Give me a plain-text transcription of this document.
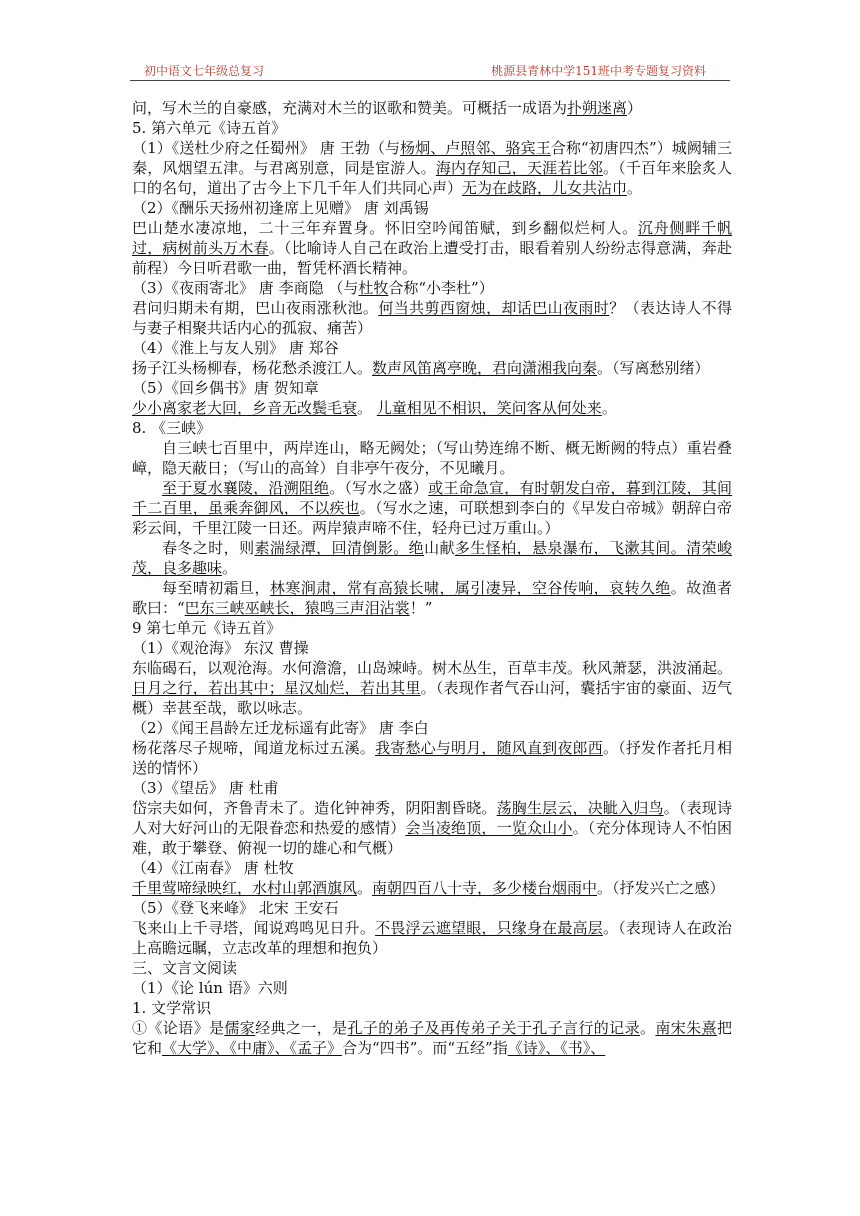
初中语文七年级总复习	桃源县青林中学151班中考专题复习资料

问，写木兰的自豪感，充满对木兰的讴歌和赞美。可概括一成语为扑朔迷离）

5. 第六单元《诗五首》

（1）《送杜少府之任蜀州》 唐 王勃（与杨炯、卢照邻、骆宾王合称“初唐四杰”）城阙辅三秦，风烟望五津。与君离别意，同是宦游人。海内存知己，天涯若比邻。（千百年来脍炙人口的名句，道出了古今上下几千年人们共同心声）无为在歧路，儿女共沾巾。

（2）《酬乐天扬州初逢席上见赠》 唐 刘禹锡

巴山楚水凄凉地，二十三年弃置身。怀旧空吟闻笛赋，到乡翻似烂柯人。沉舟侧畔千帆过，病树前头万木春。（比喻诗人自己在政治上遭受打击，眼看着别人纷纷志得意满，奔赴前程）今日听君歌一曲，暂凭杯酒长精神。

（3）《夜雨寄北》 唐 李商隐 （与杜牧合称“小李杜”）

君问归期未有期，巴山夜雨涨秋池。何当共剪西窗烛，却话巴山夜雨时？（表达诗人不得与妻子相聚共话内心的孤寂、痛苦）

（4）《淮上与友人别》 唐 郑谷

扬子江头杨柳春，杨花愁杀渡江人。数声风笛离亭晚，君向潇湘我向秦。（写离愁别绪）

（5）《回乡偶书》唐 贺知章

少小离家老大回，乡音无改鬓毛衰。 儿童相见不相识，笑问客从何处来。

8. 《三峡》

自三峡七百里中，两岸连山，略无阙处；（写山势连绵不断、概无断阙的特点）重岩叠嶂，隐天蔽日；（写山的高耸）自非亭午夜分，不见曦月。

至于夏水襄陵，沿溯阻绝。（写水之盛）或王命急宣，有时朝发白帝，暮到江陵，其间千二百里，虽乘奔御风，不以疾也。（写水之速，可联想到李白的《早发白帝城》朝辞白帝彩云间，千里江陵一日还。两岸猿声啼不住，轻舟已过万重山。）

春冬之时，则素湍绿潭，回清倒影。绝山献多生怪柏，悬泉瀑布，飞漱其间。清荣峻茂，良多趣味。

每至晴初霜旦，林寒涧肃，常有高猿长啸，属引凄异，空谷传响，哀转久绝。故渔者歌曰：“巴东三峡巫峡长，猿鸣三声泪沾裳！”

9 第七单元《诗五首》

（1）《观沧海》 东汉 曹操

东临碣石，以观沧海。水何澹澹，山岛竦峙。树木丛生，百草丰茂。秋风萧瑟，洪波涌起。

日月之行，若出其中；星汉灿烂，若出其里。（表现作者气吞山河，囊括宇宙的豪面、迈气概）幸甚至哉，歌以咏志。

（2）《闻王昌龄左迁龙标遥有此寄》 唐 李白

杨花落尽子规啼，闻道龙标过五溪。我寄愁心与明月，随风直到夜郎西。（抒发作者托月相送的情怀）

（3）《望岳》 唐 杜甫

岱宗夫如何，齐鲁青未了。造化钟神秀，阴阳割昏晓。荡胸生层云，决眦入归鸟。（表现诗人对大好河山的无限眷恋和热爱的感情）会当凌绝顶，一览众山小。（充分体现诗人不怕困难，敢于攀登、俯视一切的雄心和气概）

（4）《江南春》 唐 杜牧

千里莺啼绿映红，水村山郭酒旗风。南朝四百八十寺，多少楼台烟雨中。（抒发兴亡之感）

（5）《登飞来峰》 北宋 王安石

飞来山上千寻塔，闻说鸡鸣见日升。不畏浮云遮望眼，只缘身在最高层。（表现诗人在政治上高瞻远瞩，立志改革的理想和抱负）

三、文言文阅读

（1）《论 lún 语》六则

1. 文学常识

①《论语》是儒家经典之一，是孔子的弟子及再传弟子关于孔子言行的记录。南宋朱熹把它和《大学》、《中庸》、《孟子》合为“四书”。而“五经”指《诗》、《书》、
